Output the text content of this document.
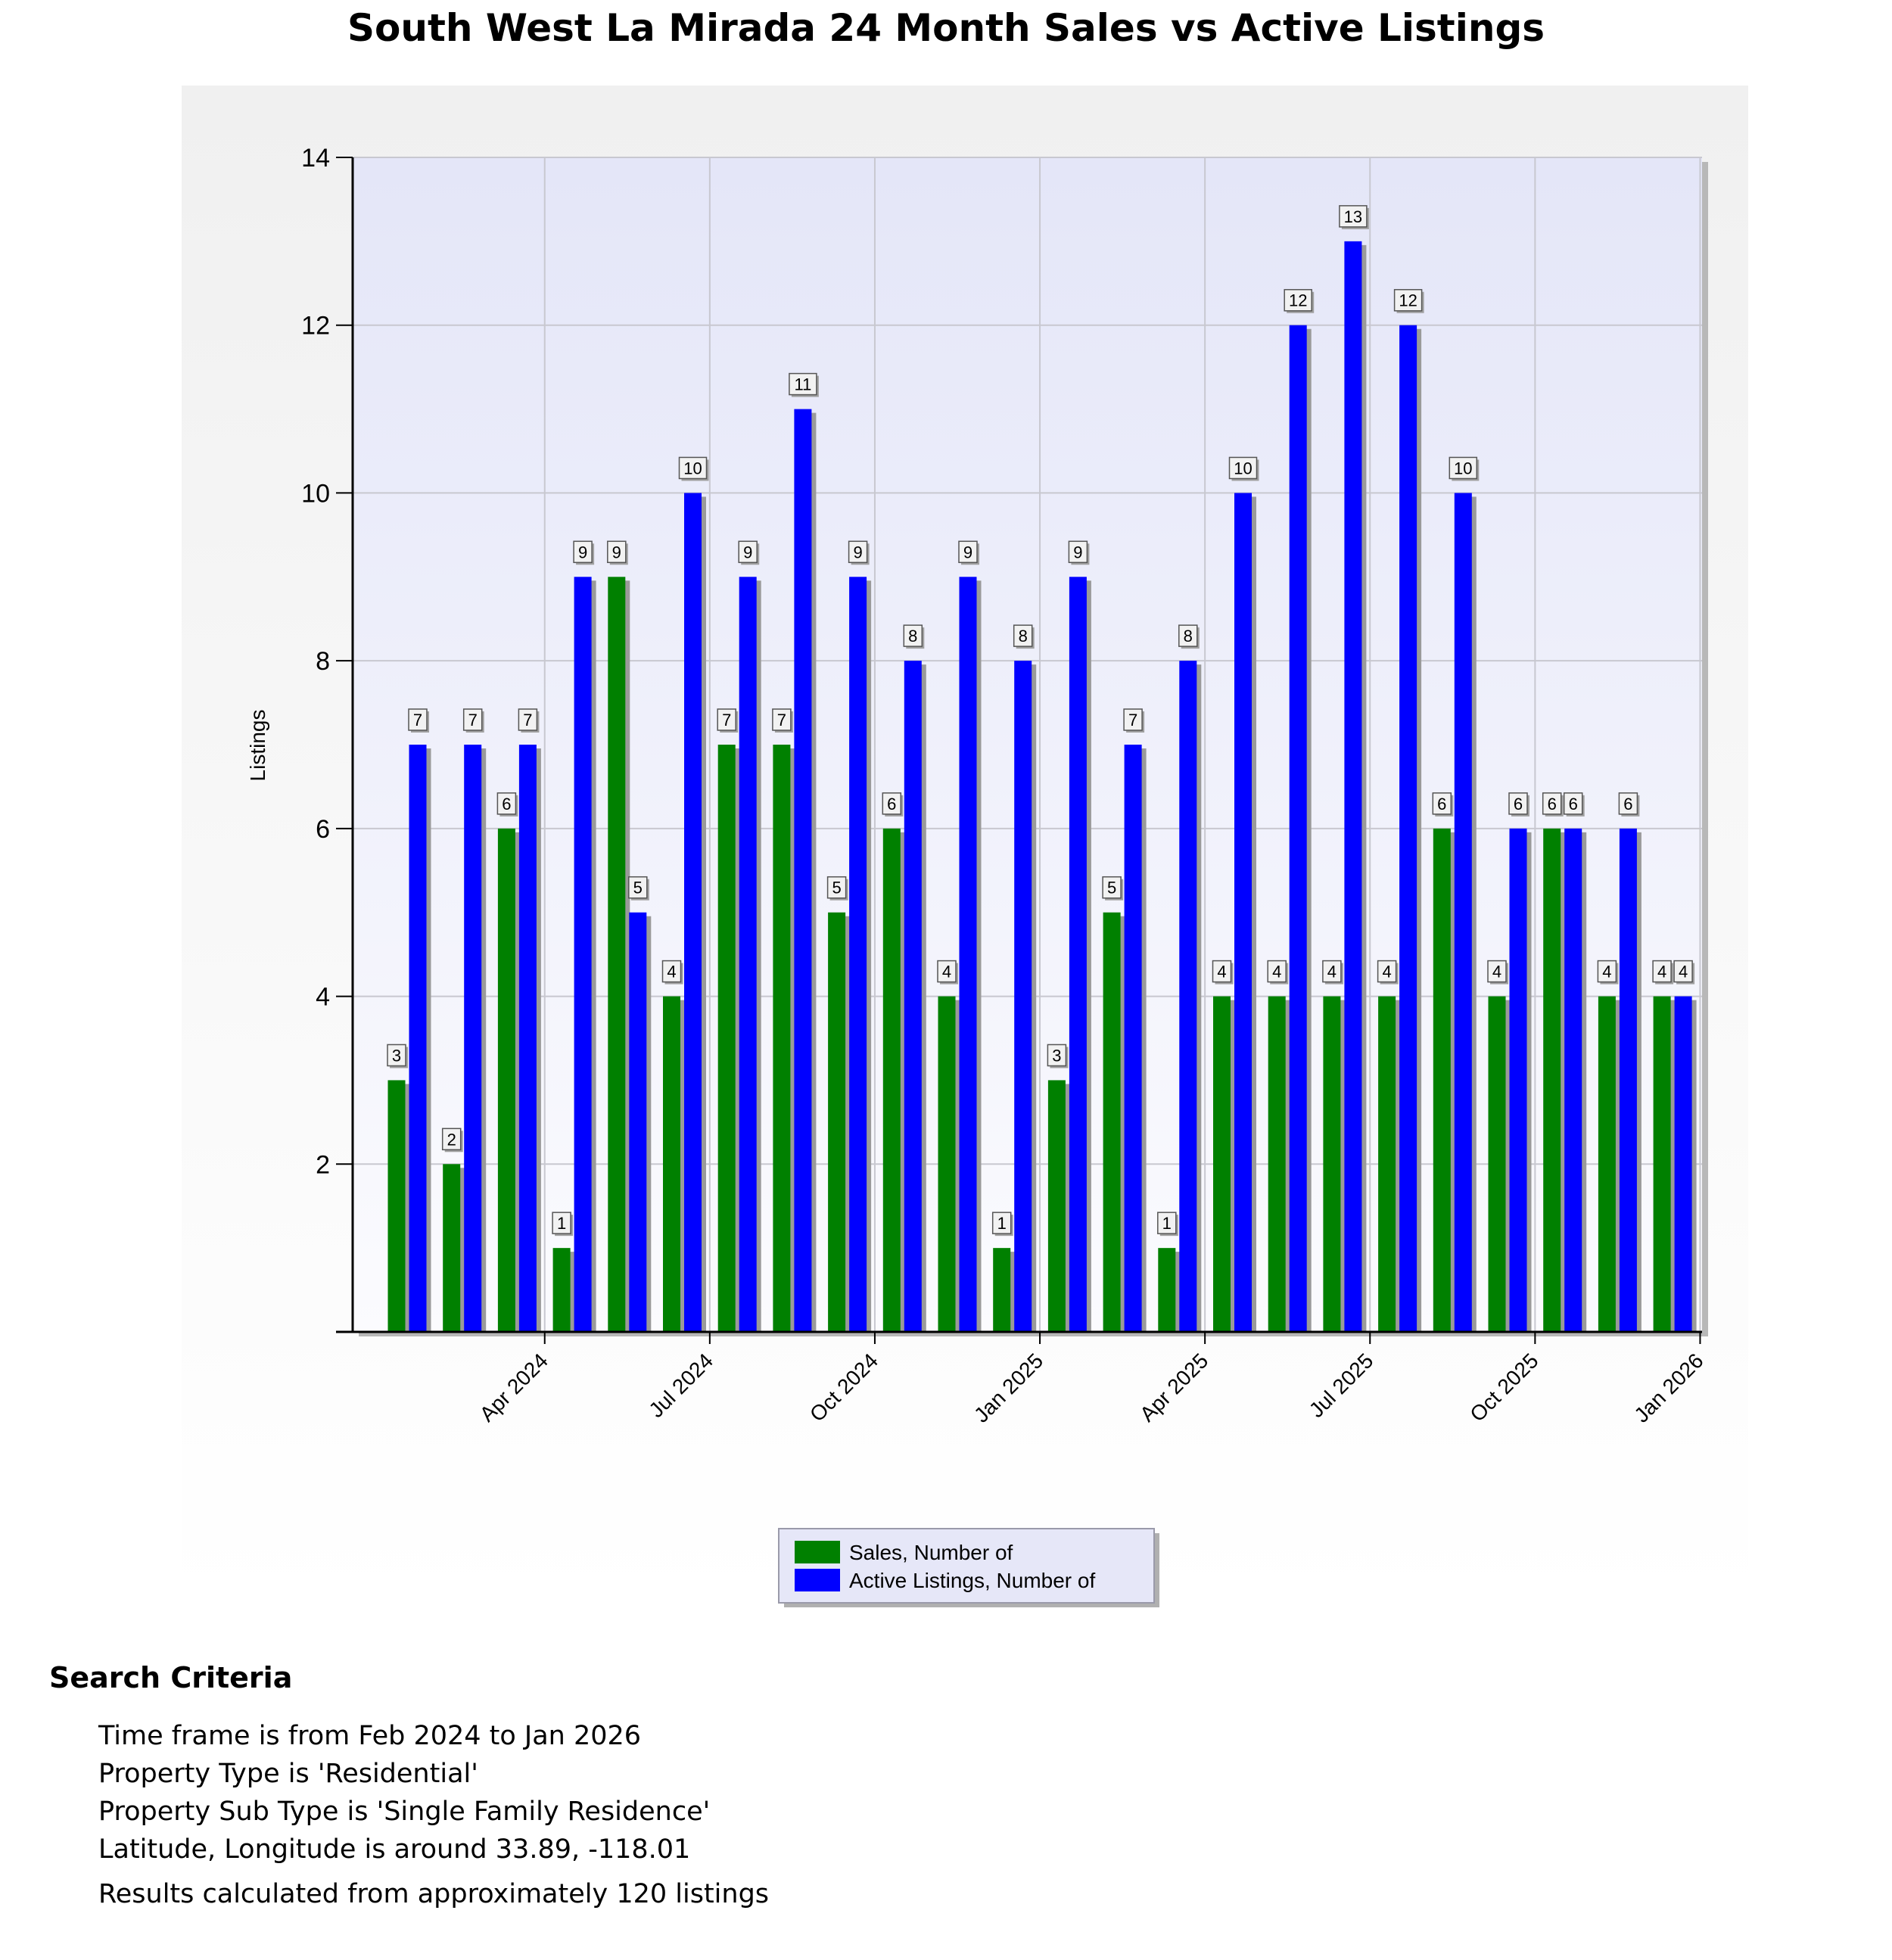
2
4
6
8
10
12
14
Apr 2024	Jul 2024	Oct 2024	Jan 2025	Apr 2025	Jul 2025	Oct 2025	Jan 2026
3
2
6
1
9
4
7	7
5
6
4
1
3
5
1
4	4	4	4
6
4
6
4	4
7	7	7
9
5
10
9
11
9
8
9
8
9
7
8
10
12
13
12
10
6	6	6
4
Listings
Sales, Number of
Active Listings, Number of
South West La Mirada 24 Month Sales vs Active Listings
Search Criteria
Time frame is from Feb 2024 to Jan 2026
Property Type is 'Residential'
Property Sub Type is 'Single Family Residence'
Latitude, Longitude is around 33.89, -118.01
Results calculated from approximately 120 listings
